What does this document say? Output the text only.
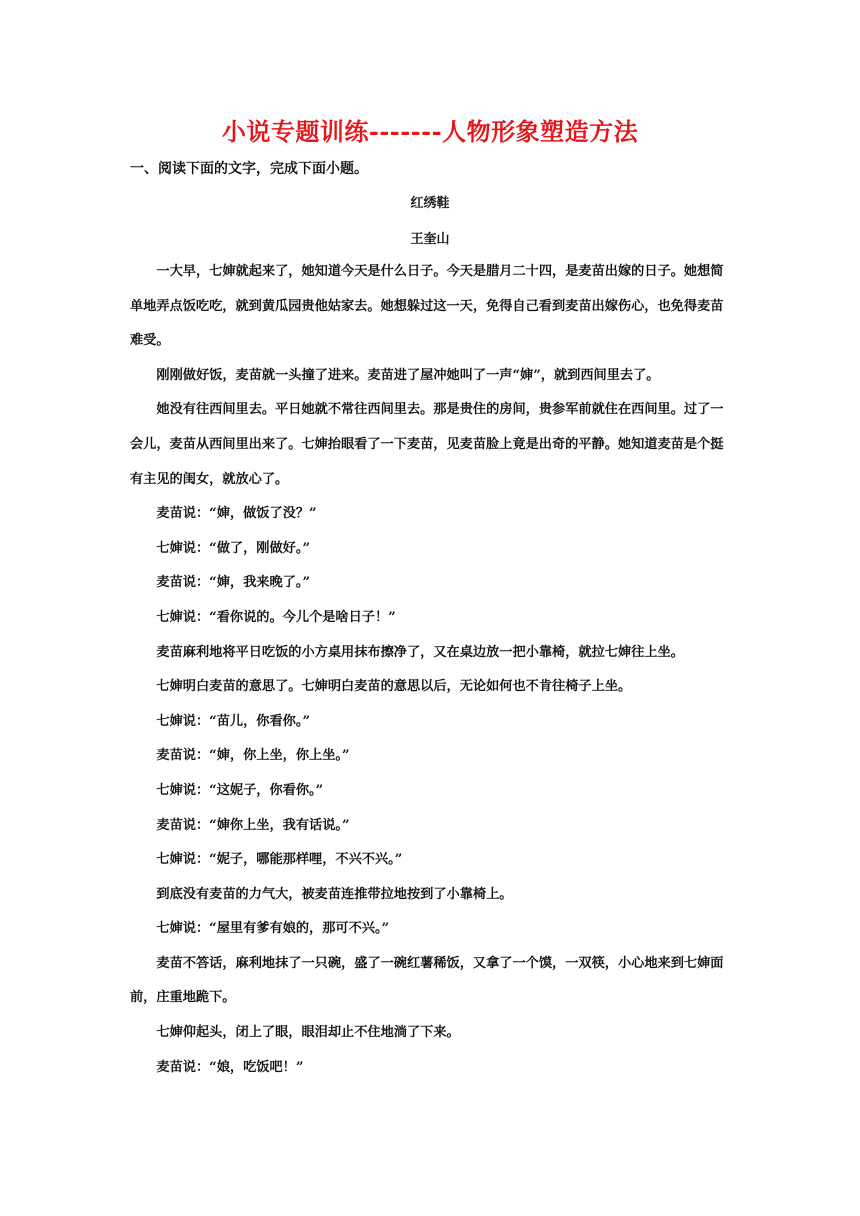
小说专题训练-------人物形象塑造方法
一、阅读下面的文字，完成下面小题。
红绣鞋
王奎山

一大早，七婶就起来了，她知道今天是什么日子。今天是腊月二十四，是麦苗出嫁的日子。她想简单地弄点饭吃吃，就到黄瓜园贵他姑家去。她想躲过这一天，免得自己看到麦苗出嫁伤心，也免得麦苗难受。

刚刚做好饭，麦苗就一头撞了进来。麦苗进了屋冲她叫了一声“婶”，就到西间里去了。

她没有往西间里去。平日她就不常往西间里去。那是贵住的房间，贵参军前就住在西间里。过了一会儿，麦苗从西间里出来了。七婶抬眼看了一下麦苗，见麦苗脸上竟是出奇的平静。她知道麦苗是个挺有主见的闺女，就放心了。

麦苗说：“婶，做饭了没？”

七婶说：“做了，刚做好。”

麦苗说：“婶，我来晚了。”

七婶说：“看你说的。今儿个是啥日子！”

麦苗麻利地将平日吃饭的小方桌用抹布擦净了，又在桌边放一把小靠椅，就拉七婶往上坐。

七婶明白麦苗的意思了。七婶明白麦苗的意思以后，无论如何也不肯往椅子上坐。

七婶说：“苗儿，你看你。”

麦苗说：“婶，你上坐，你上坐。”

七婶说：“这妮子，你看你。”

麦苗说：“婶你上坐，我有话说。”

七婶说：“妮子，哪能那样哩，不兴不兴。”

到底没有麦苗的力气大，被麦苗连推带拉地按到了小靠椅上。

七婶说：“屋里有爹有娘的，那可不兴。”

麦苗不答话，麻利地抹了一只碗，盛了一碗红薯稀饭，又拿了一个馍，一双筷，小心地来到七婶面前，庄重地跪下。

七婶仰起头，闭上了眼，眼泪却止不住地淌了下来。

麦苗说：“娘，吃饭吧！”
